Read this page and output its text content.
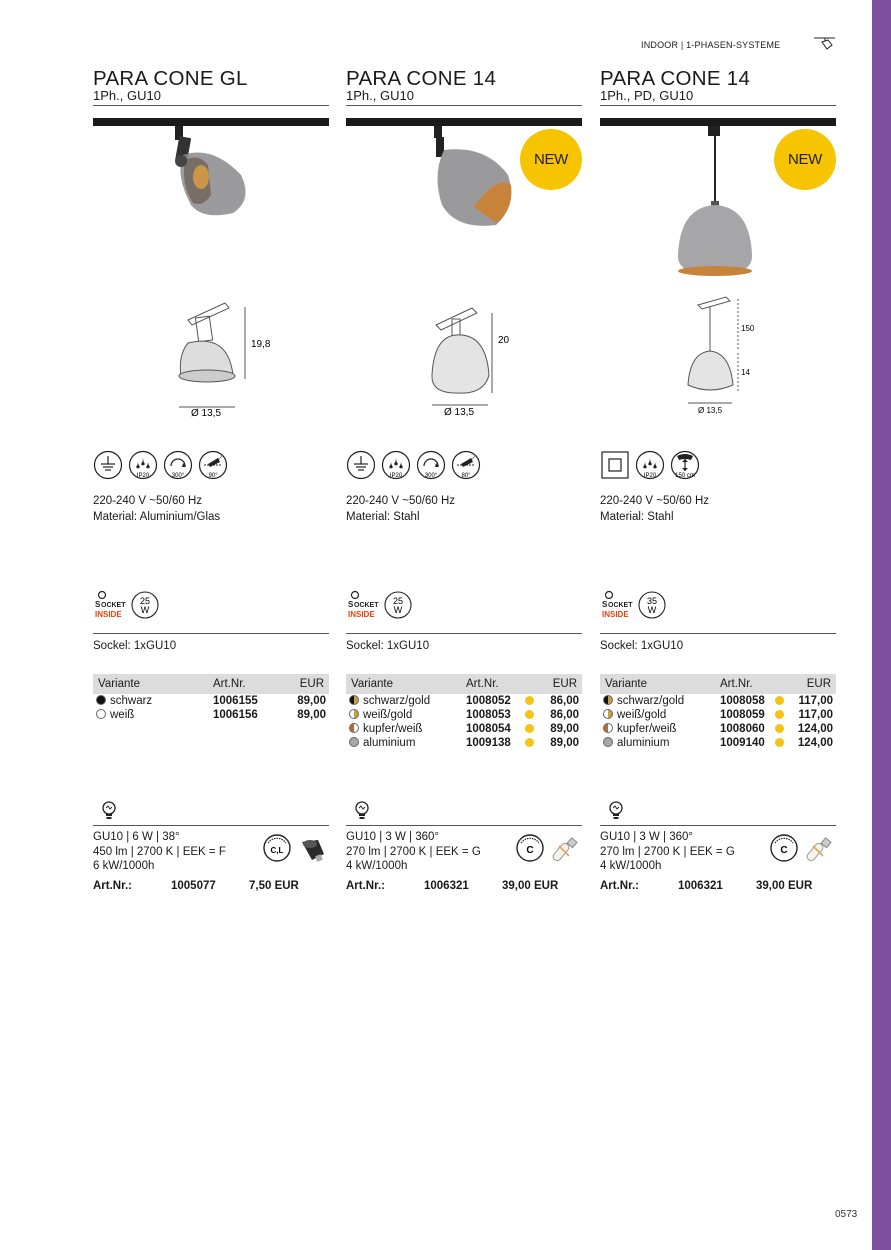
INDOOR | 1-PHASEN-SYSTEME
PARA CONE GL
1Ph., GU10
19,8
Ø 13,5
IP20	300°	90°
220-240 V ~50/60 Hz
Material: Aluminium/Glas
S OCKET
INSIDE
25
W
Sockel: 1xGU10
Variante	Art.Nr.		EUR
schwarz	1006155		89,00
weiß	1006156		89,00
GU10 | 6 W | 38°
450 lm | 2700 K | EEK = F
6 kW/1000h
C,L
Art.Nr.:	1005077	7,50 EUR
PARA CONE 14
1Ph., GU10
NEW
20
Ø 13,5
IP20	300°	80°
220-240 V ~50/60 Hz
Material: Stahl
S OCKET
INSIDE
25
W
Sockel: 1xGU10
Variante	Art.Nr.		EUR
schwarz/gold	1008052		86,00
weiß/gold	1008053		86,00
kupfer/weiß	1008054		89,00
aluminium	1009138		89,00
GU10 | 3 W | 360°
270 lm | 2700 K | EEK = G
4 kW/1000h
C
Art.Nr.:	1006321	39,00 EUR
PARA CONE 14
1Ph., PD, GU10
NEW
150
14
Ø 13,5
IP20	150 cm
220-240 V ~50/60 Hz
Material: Stahl
S OCKET
INSIDE
35
W
Sockel: 1xGU10
Variante	Art.Nr.		EUR
schwarz/gold	1008058		117,00
weiß/gold	1008059		117,00
kupfer/weiß	1008060		124,00
aluminium	1009140		124,00
GU10 | 3 W | 360°
270 lm | 2700 K | EEK = G
4 kW/1000h
C
Art.Nr.:	1006321	39,00 EUR
0573
